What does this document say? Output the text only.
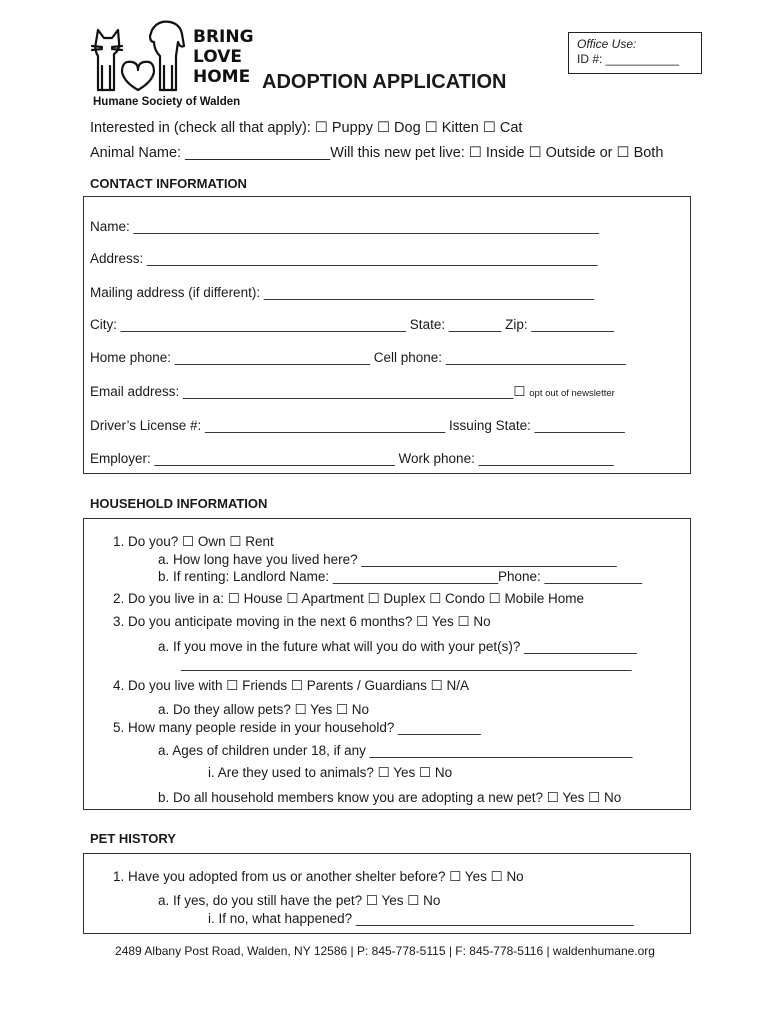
BRING
LOVE
HOME
Humane Society of Walden
Office Use:
ID #: ___________
ADOPTION APPLICATION
Interested in (check all that apply): ☐ Puppy ☐ Dog ☐ Kitten ☐ Cat
Animal Name: __________________Will this new pet live: ☐ Inside ☐ Outside or ☐ Both
CONTACT INFORMATION
Name: ______________________________________________________________
Address: ____________________________________________________________
Mailing address (if different): ____________________________________________
City: ______________________________________ State: _______ Zip: ___________
Home phone: __________________________ Cell phone: ________________________
Email address: ____________________________________________☐ opt out of newsletter
Driver’s License #: ________________________________ Issuing State: ____________
Employer: ________________________________ Work phone: __________________
HOUSEHOLD INFORMATION
1. Do you? ☐ Own ☐ Rent
a. How long have you lived here? __________________________________
b. If renting: Landlord Name: ______________________Phone: _____________
2. Do you live in a: ☐ House ☐ Apartment ☐ Duplex ☐ Condo ☐ Mobile Home
3. Do you anticipate moving in the next 6 months? ☐ Yes ☐ No
a. If you move in the future what will you do with your pet(s)? _______________
____________________________________________________________
4. Do you live with ☐ Friends ☐ Parents / Guardians ☐ N/A
a. Do they allow pets? ☐ Yes ☐ No
5. How many people reside in your household? ___________
a. Ages of children under 18, if any ___________________________________
i. Are they used to animals? ☐ Yes ☐ No
b. Do all household members know you are adopting a new pet? ☐ Yes ☐ No
PET HISTORY
1. Have you adopted from us or another shelter before? ☐ Yes ☐ No
a. If yes, do you still have the pet? ☐ Yes ☐ No
i. If no, what happened? _____________________________________
2489 Albany Post Road, Walden, NY 12586 | P: 845-778-5115 | F: 845-778-5116 | waldenhumane.org
